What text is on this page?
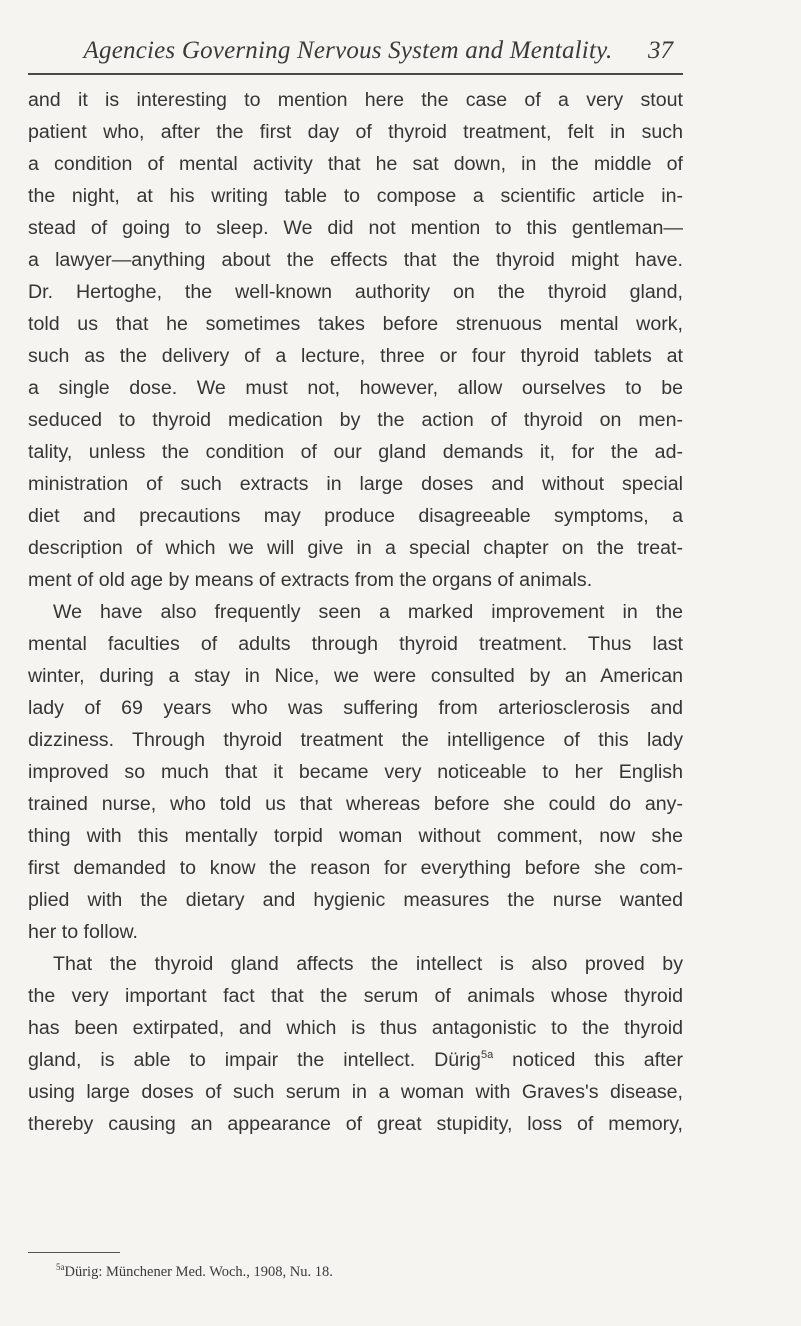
Agencies Governing Nervous System and Mentality.	37
and it is interesting to mention here the case of a very stout
patient who, after the first day of thyroid treatment, felt in such
a condition of mental activity that he sat down, in the middle of
the night, at his writing table to compose a scientific article in-
stead of going to sleep. We did not mention to this gentleman—
a lawyer—anything about the effects that the thyroid might have.
Dr. Hertoghe, the well-known authority on the thyroid gland,
told us that he sometimes takes before strenuous mental work,
such as the delivery of a lecture, three or four thyroid tablets at
a single dose. We must not, however, allow ourselves to be
seduced to thyroid medication by the action of thyroid on men-
tality, unless the condition of our gland demands it, for the ad-
ministration of such extracts in large doses and without special
diet and precautions may produce disagreeable symptoms, a
description of which we will give in a special chapter on the treat-
ment of old age by means of extracts from the organs of animals.
We have also frequently seen a marked improvement in the
mental faculties of adults through thyroid treatment. Thus last
winter, during a stay in Nice, we were consulted by an American
lady of 69 years who was suffering from arteriosclerosis and
dizziness. Through thyroid treatment the intelligence of this lady
improved so much that it became very noticeable to her English
trained nurse, who told us that whereas before she could do any-
thing with this mentally torpid woman without comment, now she
first demanded to know the reason for everything before she com-
plied with the dietary and hygienic measures the nurse wanted
her to follow.
That the thyroid gland affects the intellect is also proved by
the very important fact that the serum of animals whose thyroid
has been extirpated, and which is thus antagonistic to the thyroid
gland, is able to impair the intellect. Dürig$^{5a}$ noticed this after
using large doses of such serum in a woman with Graves's disease,
thereby causing an appearance of great stupidity, loss of memory,
$^{5a}$Dürig: Münchener Med. Woch., 1908, Nu. 18.
